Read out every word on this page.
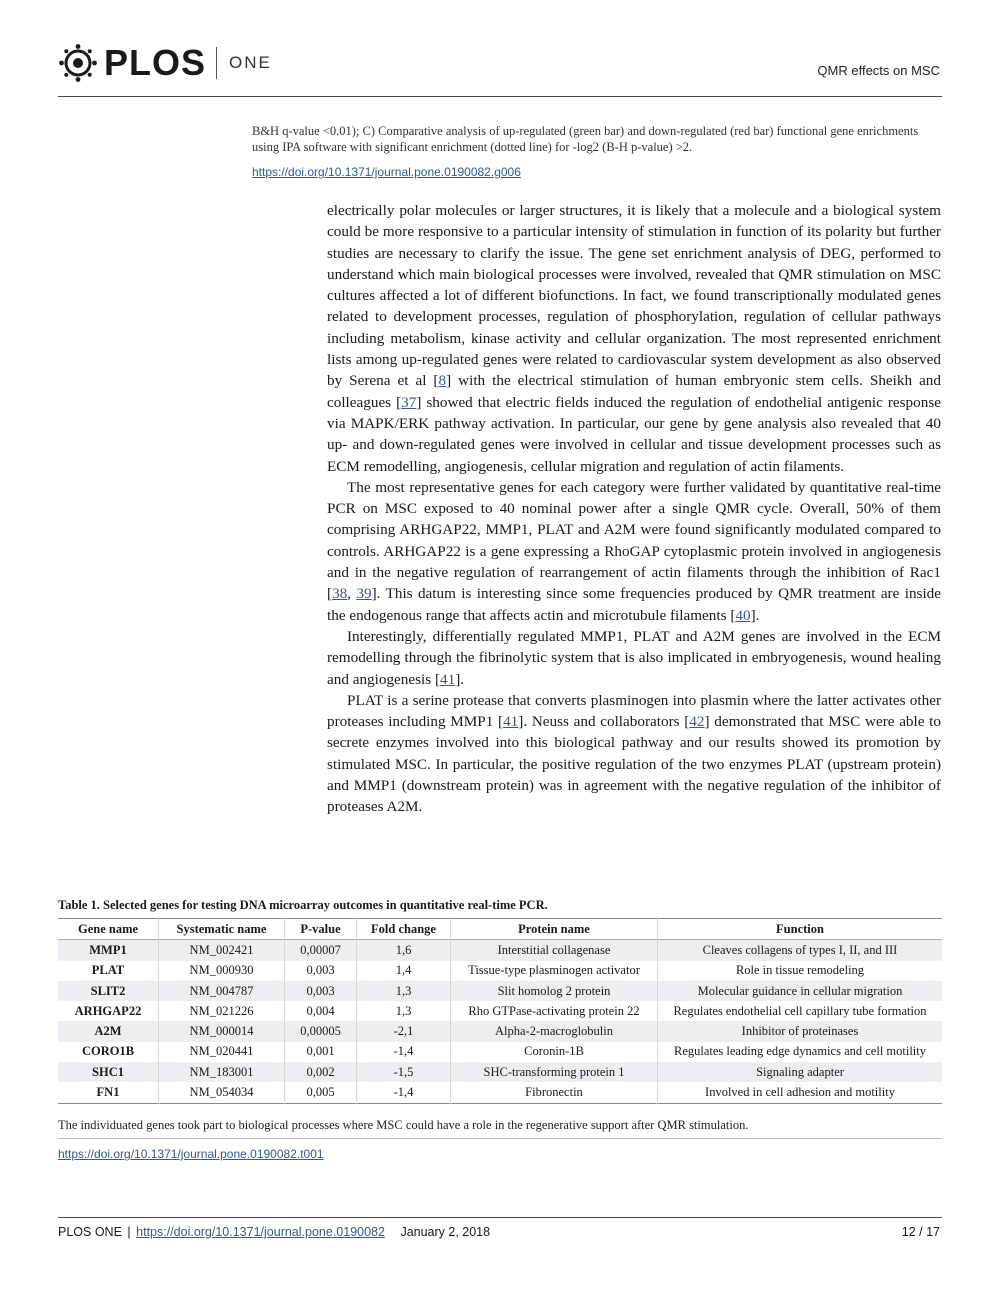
PLOS ONE	QMR effects on MSC
B&H q-value <0.01); C) Comparative analysis of up-regulated (green bar) and down-regulated (red bar) functional gene enrichments using IPA software with significant enrichment (dotted line) for -log2 (B-H p-value) >2.
https://doi.org/10.1371/journal.pone.0190082.g006

electrically polar molecules or larger structures, it is likely that a molecule and a biological system could be more responsive to a particular intensity of stimulation in function of its polarity but further studies are necessary to clarify the issue. The gene set enrichment analysis of DEG, performed to understand which main biological processes were involved, revealed that QMR stimulation on MSC cultures affected a lot of different biofunctions. In fact, we found transcriptionally modulated genes related to development processes, regulation of phosphorylation, regulation of cellular pathways including metabolism, kinase activity and cellular organization. The most represented enrichment lists among up-regulated genes were related to cardiovascular system development as also observed by Serena et al [8] with the electrical stimulation of human embryonic stem cells. Sheikh and colleagues [37] showed that electric fields induced the regulation of endothelial antigenic response via MAPK/ERK pathway activation. In particular, our gene by gene analysis also revealed that 40 up- and down-regulated genes were involved in cellular and tissue development processes such as ECM remodelling, angiogenesis, cellular migration and regulation of actin filaments.

The most representative genes for each category were further validated by quantitative real-time PCR on MSC exposed to 40 nominal power after a single QMR cycle. Overall, 50% of them comprising ARHGAP22, MMP1, PLAT and A2M were found significantly modulated compared to controls. ARHGAP22 is a gene expressing a RhoGAP cytoplasmic protein involved in angiogenesis and in the negative regulation of rearrangement of actin filaments through the inhibition of Rac1 [38, 39]. This datum is interesting since some frequencies produced by QMR treatment are inside the endogenous range that affects actin and microtubule filaments [40].

Interestingly, differentially regulated MMP1, PLAT and A2M genes are involved in the ECM remodelling through the fibrinolytic system that is also implicated in embryogenesis, wound healing and angiogenesis [41].

PLAT is a serine protease that converts plasminogen into plasmin where the latter activates other proteases including MMP1 [41]. Neuss and collaborators [42] demonstrated that MSC were able to secrete enzymes involved into this biological pathway and our results showed its promotion by stimulated MSC. In particular, the positive regulation of the two enzymes PLAT (upstream protein) and MMP1 (downstream protein) was in agreement with the negative regulation of the inhibitor of proteases A2M.

Table 1. Selected genes for testing DNA microarray outcomes in quantitative real-time PCR.
Gene name	Systematic name	P-value	Fold change	Protein name	Function
MMP1	NM_002421	0,00007	1,6	Interstitial collagenase	Cleaves collagens of types I, II, and III
PLAT	NM_000930	0,003	1,4	Tissue-type plasminogen activator	Role in tissue remodeling
SLIT2	NM_004787	0,003	1,3	Slit homolog 2 protein	Molecular guidance in cellular migration
ARHGAP22	NM_021226	0,004	1,3	Rho GTPase-activating protein 22	Regulates endothelial cell capillary tube formation
A2M	NM_000014	0,00005	-2,1	Alpha-2-macroglobulin	Inhibitor of proteinases
CORO1B	NM_020441	0,001	-1,4	Coronin-1B	Regulates leading edge dynamics and cell motility
SHC1	NM_183001	0,002	-1,5	SHC-transforming protein 1	Signaling adapter
FN1	NM_054034	0,005	-1,4	Fibronectin	Involved in cell adhesion and motility
The individuated genes took part to biological processes where MSC could have a role in the regenerative support after QMR stimulation.
https://doi.org/10.1371/journal.pone.0190082.t001
PLOS ONE | https://doi.org/10.1371/journal.pone.0190082 January 2, 2018	12 / 17
